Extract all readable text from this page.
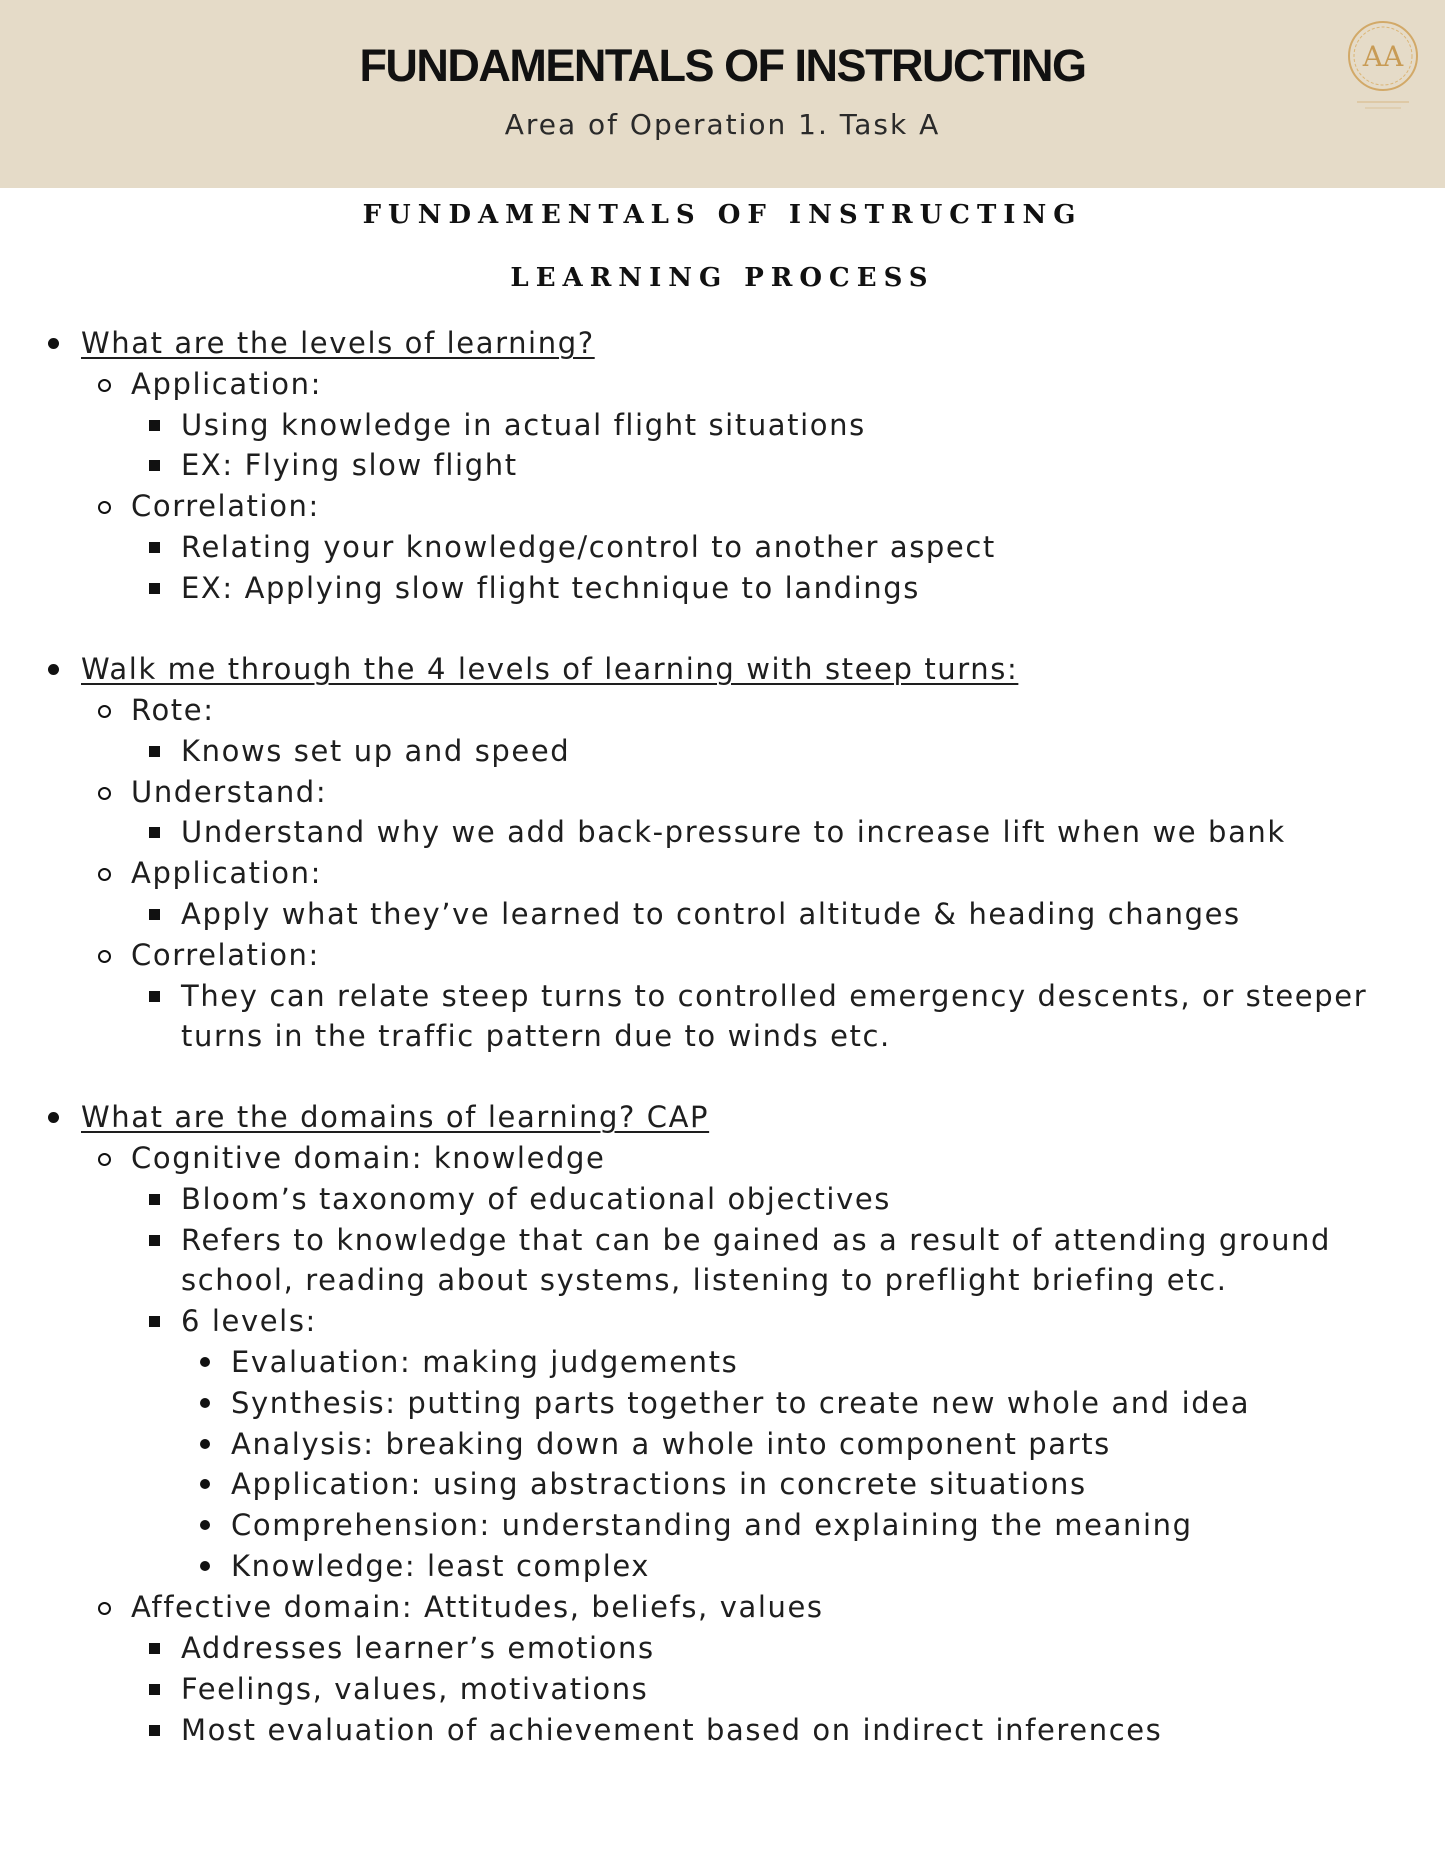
FUNDAMENTALS OF INSTRUCTING
Area of Operation 1. Task A
AA
FUNDAMENTALS OF INSTRUCTING
LEARNING PROCESS
What are the levels of learning?
Application:
Using knowledge in actual flight situations
EX: Flying slow flight
Correlation:
Relating your knowledge/control to another aspect
EX: Applying slow flight technique to landings
Walk me through the 4 levels of learning with steep turns:
Rote:
Knows set up and speed
Understand:
Understand why we add back-pressure to increase lift when we bank
Application:
Apply what they’ve learned to control altitude & heading changes
Correlation:
They can relate steep turns to controlled emergency descents, or steeper
turns in the traffic pattern due to winds etc.
What are the domains of learning? CAP
Cognitive domain: knowledge
Bloom’s taxonomy of educational objectives
Refers to knowledge that can be gained as a result of attending ground
school, reading about systems, listening to preflight briefing etc.
6 levels:
Evaluation: making judgements
Synthesis: putting parts together to create new whole and idea
Analysis: breaking down a whole into component parts
Application: using abstractions in concrete situations
Comprehension: understanding and explaining the meaning
Knowledge: least complex
Affective domain: Attitudes, beliefs, values
Addresses learner’s emotions
Feelings, values, motivations
Most evaluation of achievement based on indirect inferences
